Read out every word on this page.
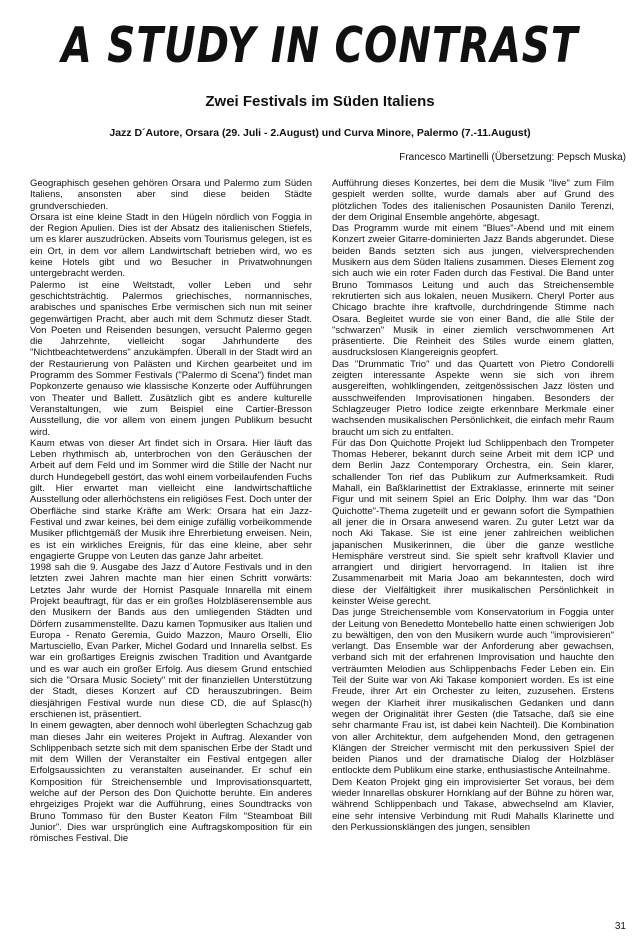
A STUDY IN CONTRAST
Zwei Festivals im Süden Italiens
Jazz D´Autore, Orsara (29. Juli - 2.August) und Curva Minore, Palermo (7.-11.August)
Francesco Martinelli (Übersetzung: Pepsch Muska)

Geographisch gesehen gehören Orsara und Palermo zum Süden Italiens, ansonsten aber sind diese beiden Städte grundverschieden.

Orsara ist eine kleine Stadt in den Hügeln nördlich von Foggia in der Region Apulien. Dies ist der Absatz des italienischen Stiefels, um es klarer auszudrücken. Abseits vom Tourismus gelegen, ist es ein Ort, in dem vor allem Landwirtschaft betrieben wird, wo es keine Hotels gibt und wo Besucher in Privatwohnungen untergebracht werden.

Palermo ist eine Weltstadt, voller Leben und sehr geschichtsträchtig. Palermos griechisches, normannisches, arabisches und spanisches Erbe vermischen sich nun mit seiner gegenwärtigen Pracht, aber auch mit dem Schmutz dieser Stadt. Von Poeten und Reisenden besungen, versucht Palermo gegen die Jahrzehnte, vielleicht sogar Jahrhunderte des "Nichtbeachtetwerdens" anzukämpfen. Überall in der Stadt wird an der Restaurierung von Palästen und Kirchen gearbeitet und im Programm des Sommer Festivals ("Palermo di Scena") findet man Popkonzerte genauso wie klassische Konzerte oder Aufführungen von Theater und Ballett. Zusätzlich gibt es andere kulturelle Veranstaltungen, wie zum Beispiel eine Cartier-Bresson Ausstellung, die vor allem von einem jungen Publikum besucht wird.

Kaum etwas von dieser Art findet sich in Orsara. Hier läuft das Leben rhythmisch ab, unterbrochen von den Geräuschen der Arbeit auf dem Feld und im Sommer wird die Stille der Nacht nur durch Hundegebell gestört, das wohl einem vorbeilaufenden Fuchs gilt. Hier erwartet man vielleicht eine landwirtschaftliche Ausstellung oder allerhöchstens ein religiöses Fest. Doch unter der Oberfläche sind starke Kräfte am Werk: Orsara hat ein Jazz-Festival und zwar keines, bei dem einige zufällig vorbeikommende Musiker pflichtgemäß der Musik ihre Ehrerbietung erweisen. Nein, es ist ein wirkliches Ereignis, für das eine kleine, aber sehr engagierte Gruppe von Leuten das ganze Jahr arbeitet.

1998 sah die 9. Ausgabe des Jazz d´Autore Festivals und in den letzten zwei Jahren machte man hier einen Schritt vorwärts: Letztes Jahr wurde der Hornist Pasquale Innarella mit einem Projekt beauftragt, für das er ein großes Holzbläserensemble aus den Musikern der Bands aus den umliegenden Städten und Dörfern zusammenstellte. Dazu kamen Topmusiker aus Italien und Europa - Renato Geremia, Guido Mazzon, Mauro Orselli, Elio Martusciello, Evan Parker, Michel Godard und Innarella selbst. Es war ein großartiges Ereignis zwischen Tradition und Avantgarde und es war auch ein großer Erfolg. Aus diesem Grund entschied sich die "Orsara Music Society" mit der finanziellen Unterstützung der Stadt, dieses Konzert auf CD herauszubringen. Beim diesjährigen Festival wurde nun diese CD, die auf Splasc(h) erschienen ist, präsentiert.

In einem gewagten, aber dennoch wohl überlegten Schachzug gab man dieses Jahr ein weiteres Projekt in Auftrag. Alexander von Schlippenbach setzte sich mit dem spanischen Erbe der Stadt und mit dem Willen der Veranstalter ein Festival entgegen aller Erfolgsaussichten zu veranstalten auseinander. Er schuf ein Komposition für Streichensemble und Improvisationsquartett, welche auf der Person des Don Quichotte beruhte. Ein anderes ehrgeiziges Projekt war die Aufführung, eines Soundtracks von Bruno Tommaso für den Buster Keaton Film "Steamboat Bill Junior". Dies war ursprünglich eine Auftragskomposition für ein römisches Festival. Die

Aufführung dieses Konzertes, bei dem die Musik "live" zum Film gespielt werden sollte, wurde damals aber auf Grund des plötzlichen Todes des italienischen Posaunisten Danilo Terenzi, der dem Original Ensemble angehörte, abgesagt.

Das Programm wurde mit einem "Blues"-Abend und mit einem Konzert zweier Gitarre-dominierten Jazz Bands abgerundet. Diese beiden Bands setzten sich aus jungen, vielversprechenden Musikern aus dem Süden Italiens zusammen. Dieses Element zog sich auch wie ein roter Faden durch das Festival. Die Band unter Bruno Tommasos Leitung und auch das Streichensemble rekrutierten sich aus lokalen, neuen Musikern. Cheryl Porter aus Chicago brachte ihre kraftvolle, durchdringende Stimme nach Osara. Begleitet wurde sie von einer Band, die alle Stile der "schwarzen" Musik in einer ziemlich verschwommenen Art präsentierte. Die Reinheit des Stiles wurde einem glatten, ausdruckslosen Klangereignis geopfert.

Das "Drummatic Trio" und das Quartett von Pietro Condorelli zeigten interessante Aspekte wenn sie sich von ihrem ausgereiften, wohlklingenden, zeitgenössischen Jazz lösten und ausschweifenden Improvisationen hingaben. Besonders der Schlagzeuger Pietro Iodice zeigte erkennbare Merkmale einer wachsenden musikalischen Persönlichkeit, die einfach mehr Raum braucht um sich zu entfalten.

Für das Don Quichotte Projekt lud Schlippenbach den Trompeter Thomas Heberer, bekannt durch seine Arbeit mit dem ICP und dem Berlin Jazz Contemporary Orchestra, ein. Sein klarer, schallender Ton rief das Publikum zur Aufmerksamkeit. Rudi Mahall, ein Baßklarinettist der Extraklasse, erinnerte mit seiner Figur und mit seinem Spiel an Eric Dolphy. Ihm war das "Don Quichotte"-Thema zugeteilt und er gewann sofort die Sympathien all jener die in Orsara anwesend waren. Zu guter Letzt war da noch Aki Takase. Sie ist eine jener zahlreichen weiblichen japanischen Musikerinnen, die über die ganze westliche Hemisphäre verstreut sind. Sie spielt sehr kraftvoll Klavier und arrangiert und dirigiert hervorragend. In Italien ist ihre Zusammenarbeit mit Maria Joao am bekanntesten, doch wird diese der Vielfältigkeit ihrer musikalischen Persönlichkeit in keinster Weise gerecht.

Das junge Streichensemble vom Konservatorium in Foggia unter der Leitung von Benedetto Montebello hatte einen schwierigen Job zu bewältigen, den von den Musikern wurde auch "improvisieren" verlangt. Das Ensemble war der Anforderung aber gewachsen, verband sich mit der erfahrenen Improvisation und hauchte den verträumten Melodien aus Schlippenbachs Feder Leben ein. Ein Teil der Suite war von Aki Takase komponiert worden. Es ist eine Freude, ihrer Art ein Orchester zu leiten, zuzusehen. Erstens wegen der Klarheit ihrer musikalischen Gedanken und dann wegen der Originalität ihrer Gesten (die Tatsache, daß sie eine sehr charmante Frau ist, ist dabei kein Nachteil). Die Kombination von aller Architektur, dem aufgehenden Mond, den getragenen Klängen der Streicher vermischt mit den perkussiven Spiel der beiden Pianos und der dramatische Dialog der Holzbläser entlockte dem Publikum eine starke, enthusiastische Anteilnahme.

Dem Keaton Projekt ging ein improvisierter Set voraus, bei dem wieder Innarellas obskurer Hornklang auf der Bühne zu hören war, während Schlippenbach und Takase, abwechselnd am Klavier, eine sehr intensive Verbindung mit Rudi Mahalls Klarinette und den Perkussionsklängen des jungen, sensiblen

31
